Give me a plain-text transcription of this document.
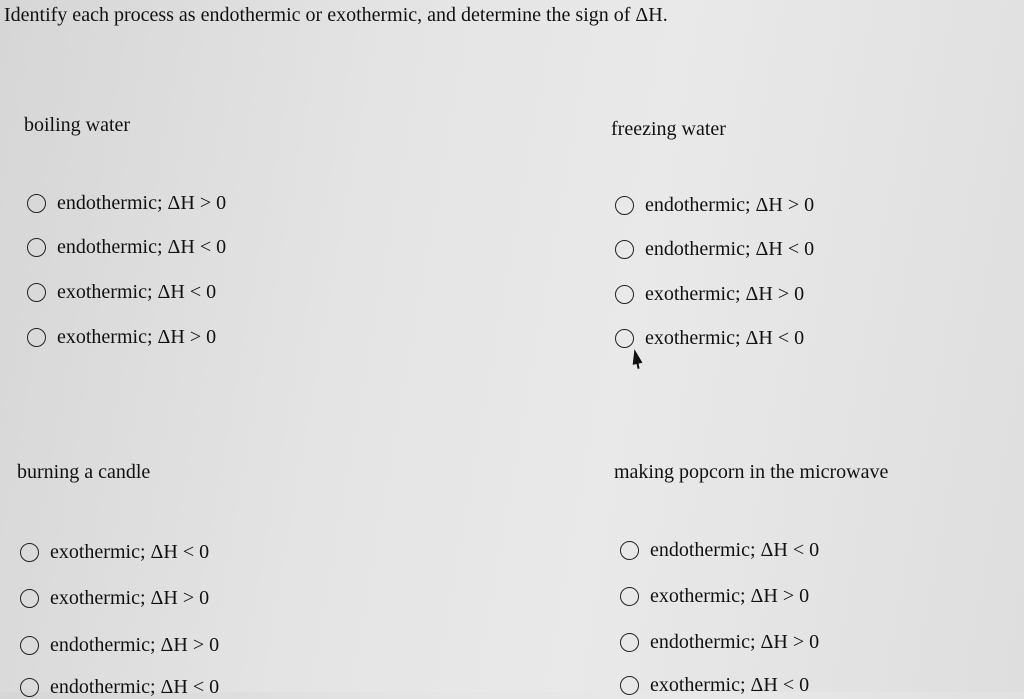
Identify each process as endothermic or exothermic, and determine the sign of ΔH.
boiling water
endothermic; ΔH > 0
endothermic; ΔH < 0
exothermic; ΔH < 0
exothermic; ΔH > 0
freezing water
endothermic; ΔH > 0
endothermic; ΔH < 0
exothermic; ΔH > 0
exothermic; ΔH < 0
burning a candle
exothermic; ΔH < 0
exothermic; ΔH > 0
endothermic; ΔH > 0
endothermic; ΔH < 0
making popcorn in the microwave
endothermic; ΔH < 0
exothermic; ΔH > 0
endothermic; ΔH > 0
exothermic; ΔH < 0
